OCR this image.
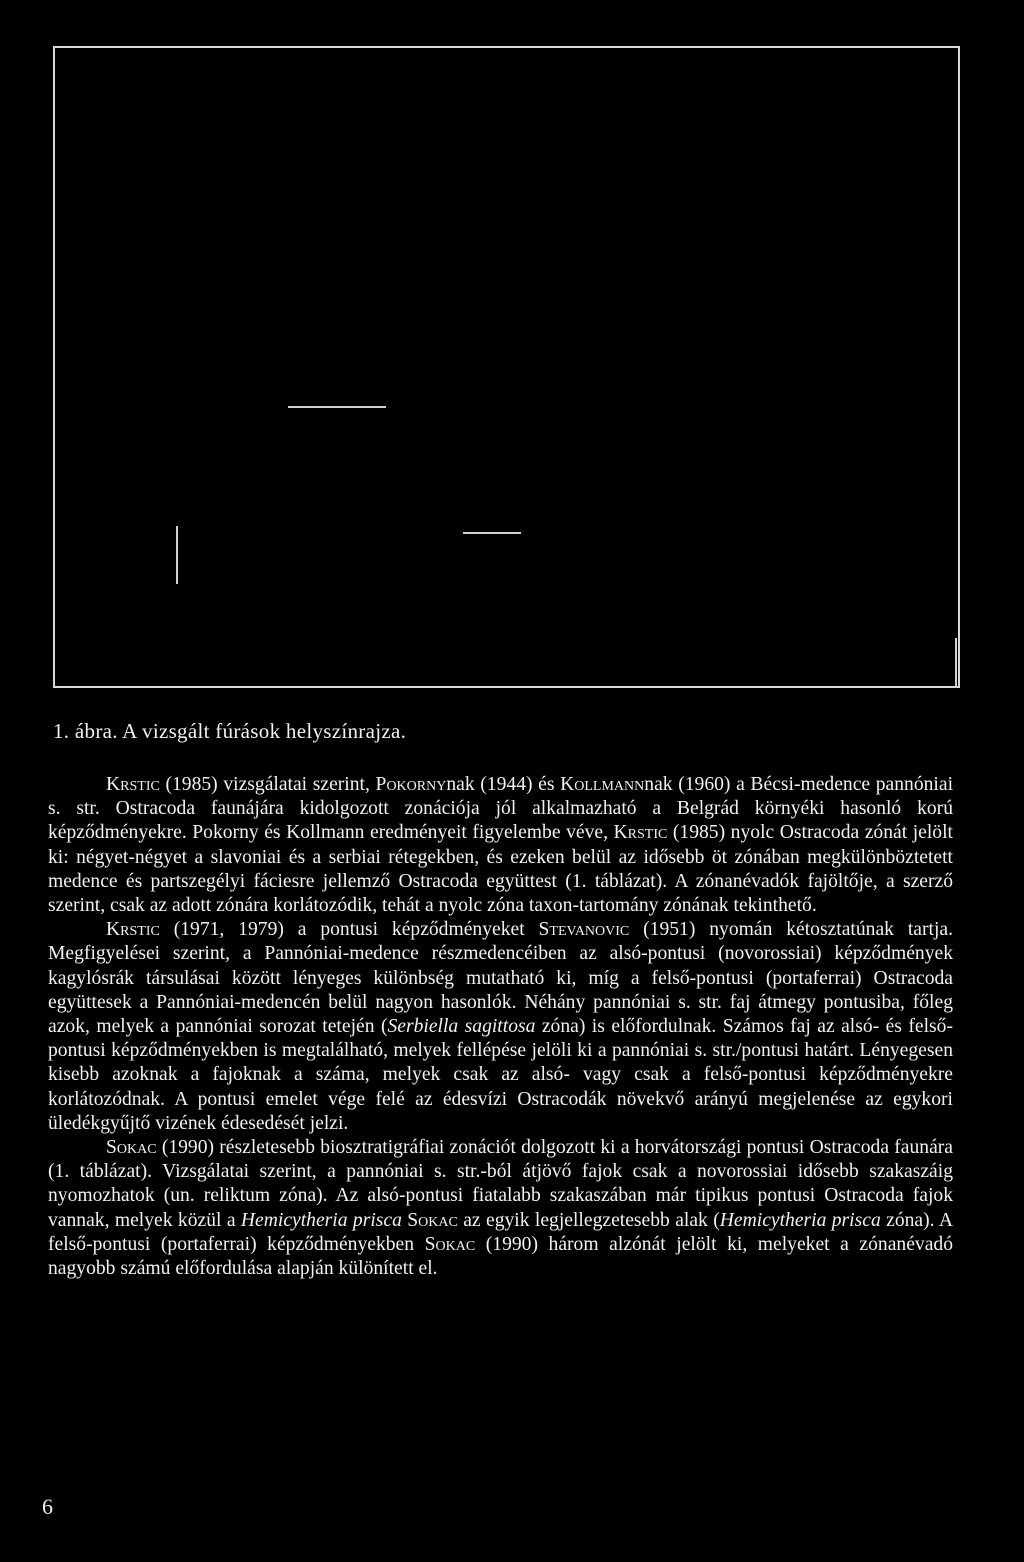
1. ábra. A vizsgált fúrások helyszínrajza.

Krstic (1985) vizsgálatai szerint, Pokornynak (1944) és Kollmannnak (1960) a Bécsi-medence pannóniai s. str. Ostracoda faunájára kidolgozott zonációja jól alkalmazható a Belgrád környéki hasonló korú képződményekre. Pokorny és Kollmann eredményeit figyelembe véve, Krstic (1985) nyolc Ostracoda zónát jelölt ki: négyet-négyet a slavoniai és a serbiai rétegekben, és ezeken belül az idősebb öt zónában megkülönböztetett medence és partszegélyi fáciesre jellemző Ostracoda együttest (1. táblázat). A zónanévadók fajöltője, a szerző szerint, csak az adott zónára korlátozódik, tehát a nyolc zóna taxon-tartomány zónának tekinthető.

Krstic (1971, 1979) a pontusi képződményeket Stevanovic (1951) nyomán kétosztatúnak tartja. Megfigyelései szerint, a Pannóniai-medence részmedencéiben az alsó-pontusi (novorossiai) képződmények kagylósrák társulásai között lényeges különbség mutatható ki, míg a felső-pontusi (portaferrai) Ostracoda együttesek a Pannóniai-medencén belül nagyon hasonlók. Néhány pannóniai s. str. faj átmegy pontusiba, főleg azok, melyek a pannóniai sorozat tetején (Serbiella sagittosa zóna) is előfordulnak. Számos faj az alsó- és felső-pontusi képződményekben is megtalálható, melyek fellépése jelöli ki a pannóniai s. str./pontusi határt. Lényegesen kisebb azoknak a fajoknak a száma, melyek csak az alsó- vagy csak a felső-pontusi képződményekre korlátozódnak. A pontusi emelet vége felé az édesvízi Ostracodák növekvő arányú megjelenése az egykori üledékgyűjtő vizének édesedését jelzi.

Sokac (1990) részletesebb biosztratigráfiai zonációt dolgozott ki a horvátországi pontusi Ostracoda faunára (1. táblázat). Vizsgálatai szerint, a pannóniai s. str.-ból átjövő fajok csak a novorossiai idősebb szakaszáig nyomozhatok (un. reliktum zóna). Az alsó-pontusi fiatalabb szakaszában már tipikus pontusi Ostracoda fajok vannak, melyek közül a Hemicytheria prisca Sokac az egyik legjellegzetesebb alak (Hemicytheria prisca zóna). A felső-pontusi (portaferrai) képződményekben Sokac (1990) három alzónát jelölt ki, melyeket a zónanévadó nagyobb számú előfordulása alapján különített el.

6
